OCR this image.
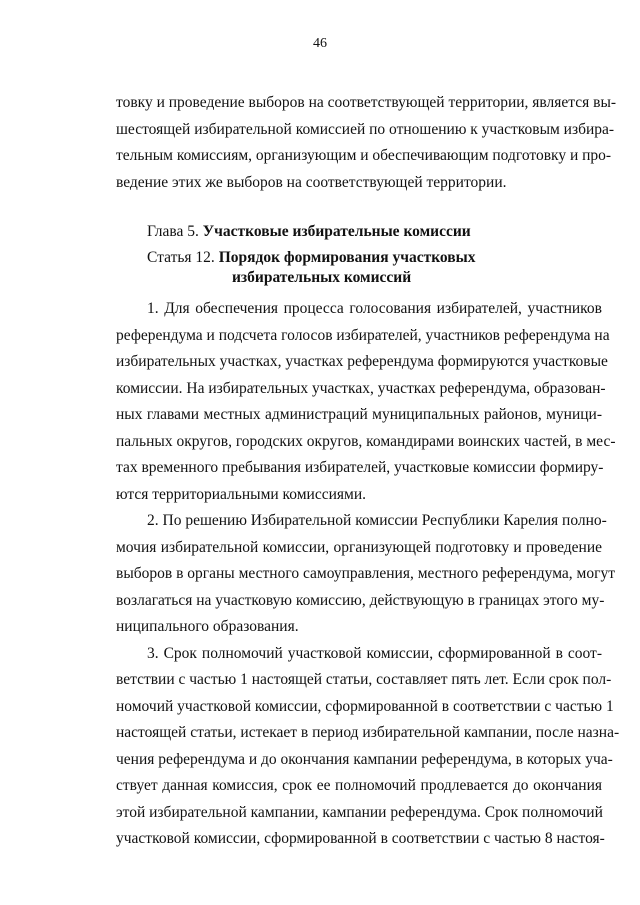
46
товку и проведение выборов на соответствующей территории, является вы-
шестоящей избирательной комиссией по отношению к участковым избира-
тельным комиссиям, организующим и обеспечивающим подготовку и про-
ведение этих же выборов на соответствующей территории.
Глава 5. Участковые избирательные комиссии
Статья 12. Порядок формирования участковых
избирательных комиссий
1. Для обеспечения процесса голосования избирателей, участников
референдума и подсчета голосов избирателей, участников референдума на
избирательных участках, участках референдума формируются участковые
комиссии. На избирательных участках, участках референдума, образован-
ных главами местных администраций муниципальных районов, муници-
пальных округов, городских округов, командирами воинских частей, в мес-
тах временного пребывания избирателей, участковые комиссии формиру-
ются территориальными комиссиями.
2. По решению Избирательной комиссии Республики Карелия полно-
мочия избирательной комиссии, организующей подготовку и проведение
выборов в органы местного самоуправления, местного референдума, могут
возлагаться на участковую комиссию, действующую в границах этого му-
ниципального образования.
3. Срок полномочий участковой комиссии, сформированной в соот-
ветствии с частью 1 настоящей статьи, составляет пять лет. Если срок пол-
номочий участковой комиссии, сформированной в соответствии с частью 1
настоящей статьи, истекает в период избирательной кампании, после назна-
чения референдума и до окончания кампании референдума, в которых уча-
ствует данная комиссия, срок ее полномочий продлевается до окончания
этой избирательной кампании, кампании референдума. Срок полномочий
участковой комиссии, сформированной в соответствии с частью 8 настоя-
